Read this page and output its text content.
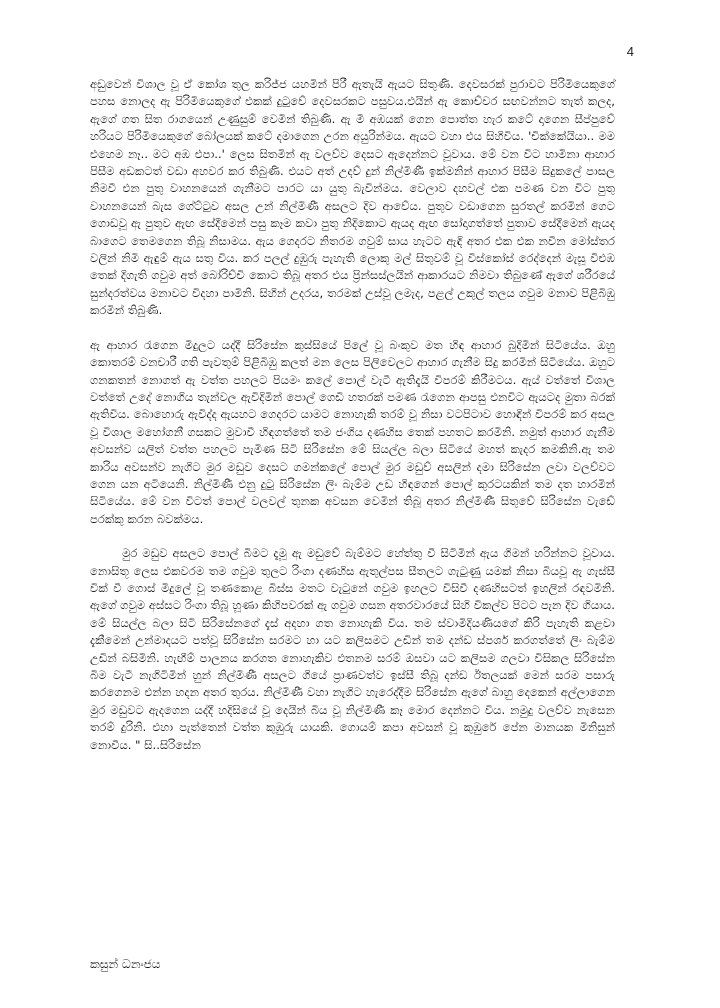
4

අඩුවෙන් විශාල වූ ඒ කෝශ තුල කරිජ්ජ යහමින් පිරී ඇතැයි ඇයට සිතුණි. දෙවසරක් පුරාවට පිරිමියෙකුගේ පහස නොලද ඇ පිරිමියෙකුගේ එකක් දුටුවේ දෙවසරකට පසුවය.එයින් ඇ කොච්චර සඟවන්නට තැත් කලද, ඇගේ ගත සිත රාගයෙන් උණුසුම් වෙමින් තිබුණි. ඇ මී අඹයක් ගෙන පොත්ත හැර කටේ දාගෙන සීප්පුවේ හරියට පිරිමියෙකුගේ බෝලයක් කටේ දමාගෙන උරන අයුරින්මය. ඇයට වහා එය සිහිවිය. 'චික්කේයියා.. මම එහෙම නෑ.. මට අඹ එපා..' ලෙස සිතමින් ඇ වලව්ව දෙසට ඇදෙන්නට වූවාය. මේ වන විට හාමිනා ආහාර පිසීම අඩකටත් වඩා අහවර කර තිබුණි. එයට අත් උදව් දුන් නිල්මිණී ඉක්මනින් ආහාර පිසීම සිදුකලේ පාසල නිමවී එන පුතු වාහනයෙන් ගැනීමට පාරට යා යුතු බැවින්මය. වෙලාව දහවල් එක පමණ වන විට පුතු වාහනයෙන් බැස ගේට්ටුව අසල උන් නිල්මිණී අසලට දිව ආවේය. පුතුව වඩාගෙන සුරතල් කරමින් ගෙට ගොඩවූ ඇ පුතුව ඇඟ සේදීමෙන් පසු කෑම කවා පුතු නිදිකොට ඇයද ඇඟ සෝදාගත්තේ පුතාව සේදීමෙන් ඇයද බාගෙට තෙමගෙන තිබූ නිසාමය. ඇය ගෙදරට නිතරම ගවුම් සාය හැටට ඇඳි අතර එක එක නවීන මෝස්තර වලින් නිමි ඇඳුම් ඇය සතු විය. කර පලල් දුඹුරු පැහැති ලොකු මල් සිතුවම් වූ විස්කෝස් රෙද්දෙන් මැසූ විළුඹ තෙක් දිගැති ගවුම අත් බෝරිච්චි කොට තිබූ අතර එය ප්‍රින්සස්ලයින් ආකාරයට නිමවා තිබුණේ ඇගේ ශරීරයේ සුන්දරත්වය මනාවට විදහා පාමිනි. සිහින් උදරය, තරමක් උස්වූ ලමැද, පළල් උකුල් තලය ගවුම මනාව පිළිබිඹු කරමින් තිබුණි.

ඇ ආහාර රැගෙන මිදුලට යද්දී සිරිසේන කුස්සියේ පිලේ වූ බංකුව මත හිඳ ආහාර බුදිමින් සිටියේය. ඔහු කොතරම් වනචාරී ගති පැවතුම් පිළිබිඹු කලත් මන ලෙස පිලිවෙලට ආහාර ගැනීම සිදු කරමින් සිටියේය. ඔහුට ගනකතන් නොගත් ඇ වත්ත පහලට පියමං කලේ පොල් වැටී ඇතිදැයි විපරම් කිරීමටය. ඇය් වත්තේ විශාල වත්තේ උදේ නොගිය තැන්වල ඇවිදිමින් පොල් ගෙඩි හතරක් පමණ රැගෙන ආපසු එනවිට ඇයටද මුතා බරක් ඇතිවිය. බොහොරු ඇවිද්ද ඇයහට ගෙදරට යාමට නොහැකි තරම් වූ නිසා වටපිටාව හොඳින් විපරම් කර අසල වූ විශාල මහෝගනී ගසකට මුවාවී හිඳගත්තේ තම ජංගිය දණහිස තෙක් පහතට කරමිනි. නමුත් ආහාර ගැනීම අවසන්ව යලිත් වත්ත පහලට පැමිණ සිටි සිරිසේන මේ සියල්ල බලා සිටියේ මහත් කැදර කමකිනි.ඇ තම කාරිය අවසන්ව නැගිට මුර මඩුව දෙසට ගමන්කලේ පොල් මුර මඩුව් අසලින් දමා සිරිසේන ලවා වලව්වට ගෙන යන අටියෙනි. නිල්මිණී එනු දුටු සිරිසේන ලිං බැම්ම උඩ හිඳගෙන් පොල් කුරටයකින් තම දත හාරමින් සිටියේය. මේ වන විටත් පොල් වලවල් තුනක අවසන වෙමින් තිබූ අතර නිල්මිණී සිතුවේ සිරිසේන වැඩේ පරක්කු කරන බවක්මය.

මුර මඩුව අසලට පොල් බිමට දැමූ ඇ මඩුවේ බැම්මට හේත්තු වී සිටිමින් ඇය ගිමන් හරින්නට වූවාය. නොසිතූ ලෙස එකවරම තම ගවුම තුලට රිංගා දණහිස ඇතුල්පස සීතලට ගැටුණු යමක් නිසා බියවූ ඇ ගැස්සී වික් වී ගොස් මිදුලේ වූ තණකොළ බිස්ස මතට වැටුනේ ගවුම ඉහලට විසිවී දණහිසටත් ඉහලින් රඳවමිනි. ඇගේ ගවුම අස්සට රිංගා තිබූ හූණා කිහිපවරක් ඇ ගවුම ගසන අතරවාරයේ සිහි විකල්ව පිටට පැන දිව ගියාය. මේ සියල්ල බලා සිටි සිරිසේනගේ දැස් අදහා ගත නොහැකි විය. තම ස්වාමිදියණියගේ කිරි පැහැති කළවා දැකීමෙන් උන්මාදයට පත්වූ සිරිසේන සරමට හා යට කලිසමට උඩින් තම දන්ඩ ස්පර්ශ කරගත්තේ ලිං බැම්ම උඩින් බසිමිනි. හැඟීම් පාලනය කරගත නොහැකිව එතනම සරම් ඔසවා යට කලිසම ගලවා විසිකල සිරිසේන බිම වැටී නැගිටිමින් හුන් නිල්මිණී අසලට ගියේ ප්‍රාණවත්ව ඉස්සී තිබූ දන්ඩ ඊතලයක් මෙන් සරම පසාරු කරගෙනම එන්න හදන අතර තුරය. නිල්මිණී වහා නැගිට හැරෙද්දීම සිරිසේන ඇගේ බාහු දෙකෙන් අල්ලාගෙන මුර මඩුවට ඇදගෙන යද්දී හදිසියේ වූ දෙයින් බිය වූ නිල්මිණී කෑ මොර දෙන්නට විය. නමුදු වලව්ව නැසෙන තරම් දුරිනි. එහා පැත්තෙන් වත්ත කුඹුරු යායකි. ගොයම් කපා අවසන් වූ කුඹුරේ පේන මානයක මිනිසුන් නොවීය. " සි..සිරිසේන

කසුන් ධනංජය
